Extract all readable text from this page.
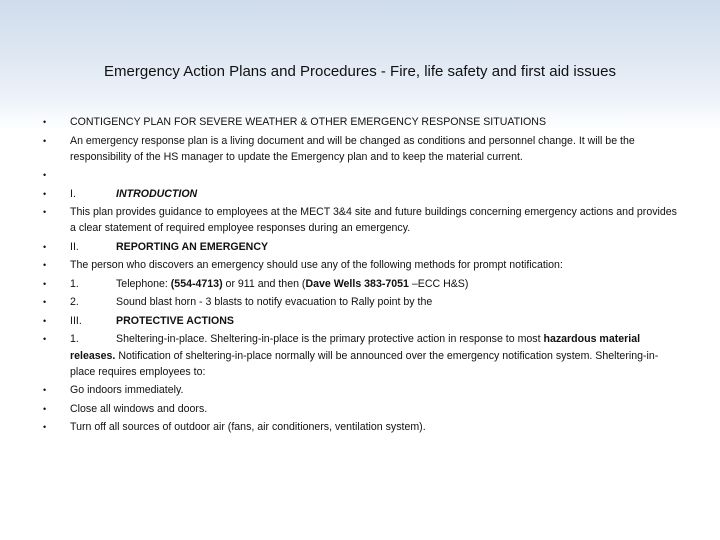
Emergency Action Plans and Procedures - Fire, life safety and first aid issues
•	CONTIGENCY PLAN FOR SEVERE WEATHER & OTHER EMERGENCY RESPONSE SITUATIONS
•	An emergency response plan is a living document and will be changed as conditions and personnel change. It will be the responsibility of the HS manager to update the Emergency plan and to keep the material current.
•
•	I.	INTRODUCTION
•	This plan provides guidance to employees at the MECT 3&4 site and future buildings concerning emergency actions and provides a clear statement of required employee responses during an emergency.
•	II.	REPORTING AN EMERGENCY
•	The person who discovers an emergency should use any of the following methods for prompt notification:
•	1.	Telephone: (554-4713) or 911 and then (Dave Wells 383-7051 –ECC H&S)
•	2.	Sound blast horn - 3 blasts to notify evacuation to Rally point by the
•	III.	PROTECTIVE ACTIONS
•	1.	Sheltering-in-place. Sheltering-in-place is the primary protective action in response to most hazardous material releases. Notification of sheltering-in-place normally will be announced over the emergency notification system. Sheltering-in-place requires employees to:
•	Go indoors immediately.
•	Close all windows and doors.
•	Turn off all sources of outdoor air (fans, air conditioners, ventilation system).
